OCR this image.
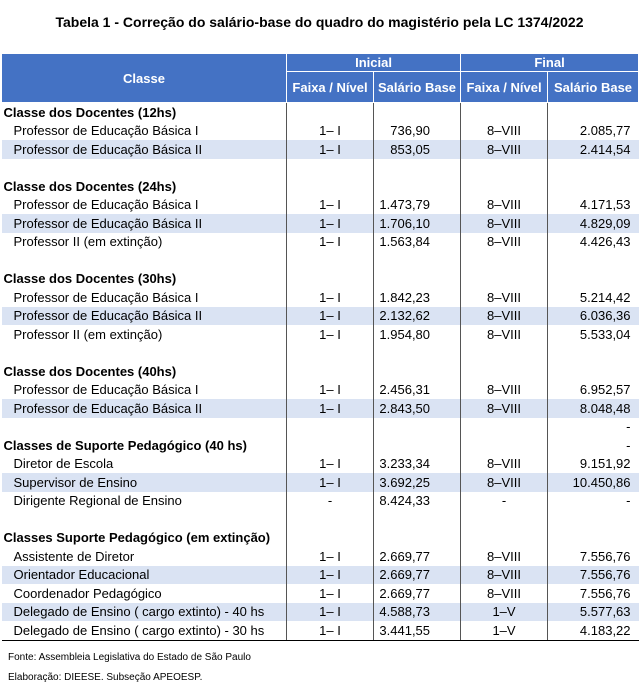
Tabela 1 - Correção do salário-base do quadro do magistério pela LC 1374/2022
Classe	Inicial		Final	
	Faixa / Nível	Salário Base	Faixa / Nível	Salário Base
Classe dos Docentes (12hs)				
Professor de Educação Básica I	1– I	736,90	8–VIII	2.085,77
Professor de Educação Básica II	1– I	853,05	8–VIII	2.414,54

Classe dos Docentes (24hs)				
Professor de Educação Básica I	1– I	1.473,79	8–VIII	4.171,53
Professor de Educação Básica II	1– I	1.706,10	8–VIII	4.829,09
Professor II (em extinção)	1– I	1.563,84	8–VIII	4.426,43

Classe dos Docentes (30hs)				
Professor de Educação Básica I	1– I	1.842,23	8–VIII	5.214,42
Professor de Educação Básica II	1– I	2.132,62	8–VIII	6.036,36
Professor II (em extinção)	1– I	1.954,80	8–VIII	5.533,04

Classe dos Docentes (40hs)				
Professor de Educação Básica I	1– I	2.456,31	8–VIII	6.952,57
Professor de Educação Básica II	1– I	2.843,50	8–VIII	8.048,48
				-
Classes de Suporte Pedagógico (40 hs)				-
Diretor de Escola	1– I	3.233,34	8–VIII	9.151,92
Supervisor de Ensino	1– I	3.692,25	8–VIII	10.450,86
Dirigente Regional de Ensino	-	8.424,33	-	-

Classes Suporte Pedagógico (em extinção)				
Assistente de Diretor	1– I	2.669,77	8–VIII	7.556,76
Orientador Educacional	1– I	2.669,77	8–VIII	7.556,76
Coordenador Pedagógico	1– I	2.669,77	8–VIII	7.556,76
Delegado de Ensino ( cargo extinto) - 40 hs	1– I	4.588,73	1–V	5.577,63
Delegado de Ensino ( cargo extinto) - 30 hs	1– I	3.441,55	1–V	4.183,22
Fonte: Assembleia Legislativa do Estado de São Paulo
Elaboração: DIEESE. Subseção APEOESP.
